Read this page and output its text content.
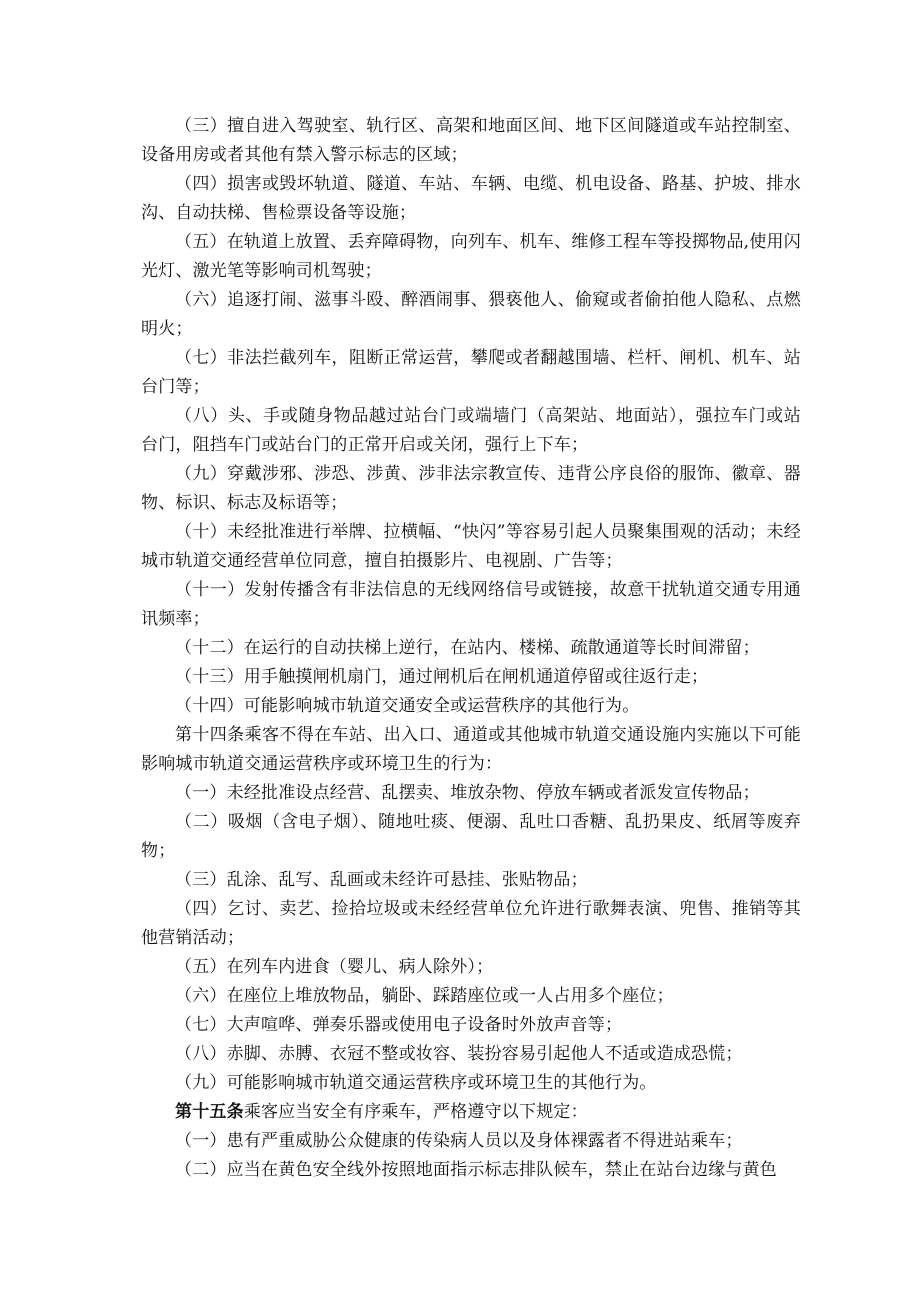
（三）擅自进入驾驶室、轨行区、高架和地面区间、地下区间隧道或车站控制室、设备用房或者其他有禁入警示标志的区域；

（四）损害或毁坏轨道、隧道、车站、车辆、电缆、机电设备、路基、护坡、排水沟、自动扶梯、售检票设备等设施；

（五）在轨道上放置、丢弃障碍物，向列车、机车、维修工程车等投掷物品,使用闪光灯、激光笔等影响司机驾驶；

（六）追逐打闹、滋事斗殴、醉酒闹事、猥亵他人、偷窥或者偷拍他人隐私、点燃明火；

（七）非法拦截列车，阻断正常运营，攀爬或者翻越围墙、栏杆、闸机、机车、站台门等；

（八）头、手或随身物品越过站台门或端墙门（高架站、地面站），强拉车门或站台门，阻挡车门或站台门的正常开启或关闭，强行上下车；

（九）穿戴涉邪、涉恐、涉黄、涉非法宗教宣传、违背公序良俗的服饰、徽章、器物、标识、标志及标语等；

（十）未经批准进行举牌、拉横幅、“快闪”等容易引起人员聚集围观的活动；未经城市轨道交通经营单位同意，擅自拍摄影片、电视剧、广告等；

（十一）发射传播含有非法信息的无线网络信号或链接，故意干扰轨道交通专用通讯频率；

（十二）在运行的自动扶梯上逆行，在站内、楼梯、疏散通道等长时间滞留；

（十三）用手触摸闸机扇门，通过闸机后在闸机通道停留或往返行走；

（十四）可能影响城市轨道交通安全或运营秩序的其他行为。

第十四条乘客不得在车站、出入口、通道或其他城市轨道交通设施内实施以下可能影响城市轨道交通运营秩序或环境卫生的行为：

（一）未经批准设点经营、乱摆卖、堆放杂物、停放车辆或者派发宣传物品；

（二）吸烟（含电子烟）、随地吐痰、便溺、乱吐口香糖、乱扔果皮、纸屑等废弃物；

（三）乱涂、乱写、乱画或未经许可悬挂、张贴物品；

（四）乞讨、卖艺、捡拾垃圾或未经经营单位允许进行歌舞表演、兜售、推销等其他营销活动；

（五）在列车内进食（婴儿、病人除外）；

（六）在座位上堆放物品，躺卧、踩踏座位或一人占用多个座位；

（七）大声喧哗、弹奏乐器或使用电子设备时外放声音等；

（八）赤脚、赤膊、衣冠不整或妆容、装扮容易引起他人不适或造成恐慌；

（九）可能影响城市轨道交通运营秩序或环境卫生的其他行为。

第十五条乘客应当安全有序乘车，严格遵守以下规定：

（一）患有严重威胁公众健康的传染病人员以及身体裸露者不得进站乘车；

（二）应当在黄色安全线外按照地面指示标志排队候车，禁止在站台边缘与黄色
